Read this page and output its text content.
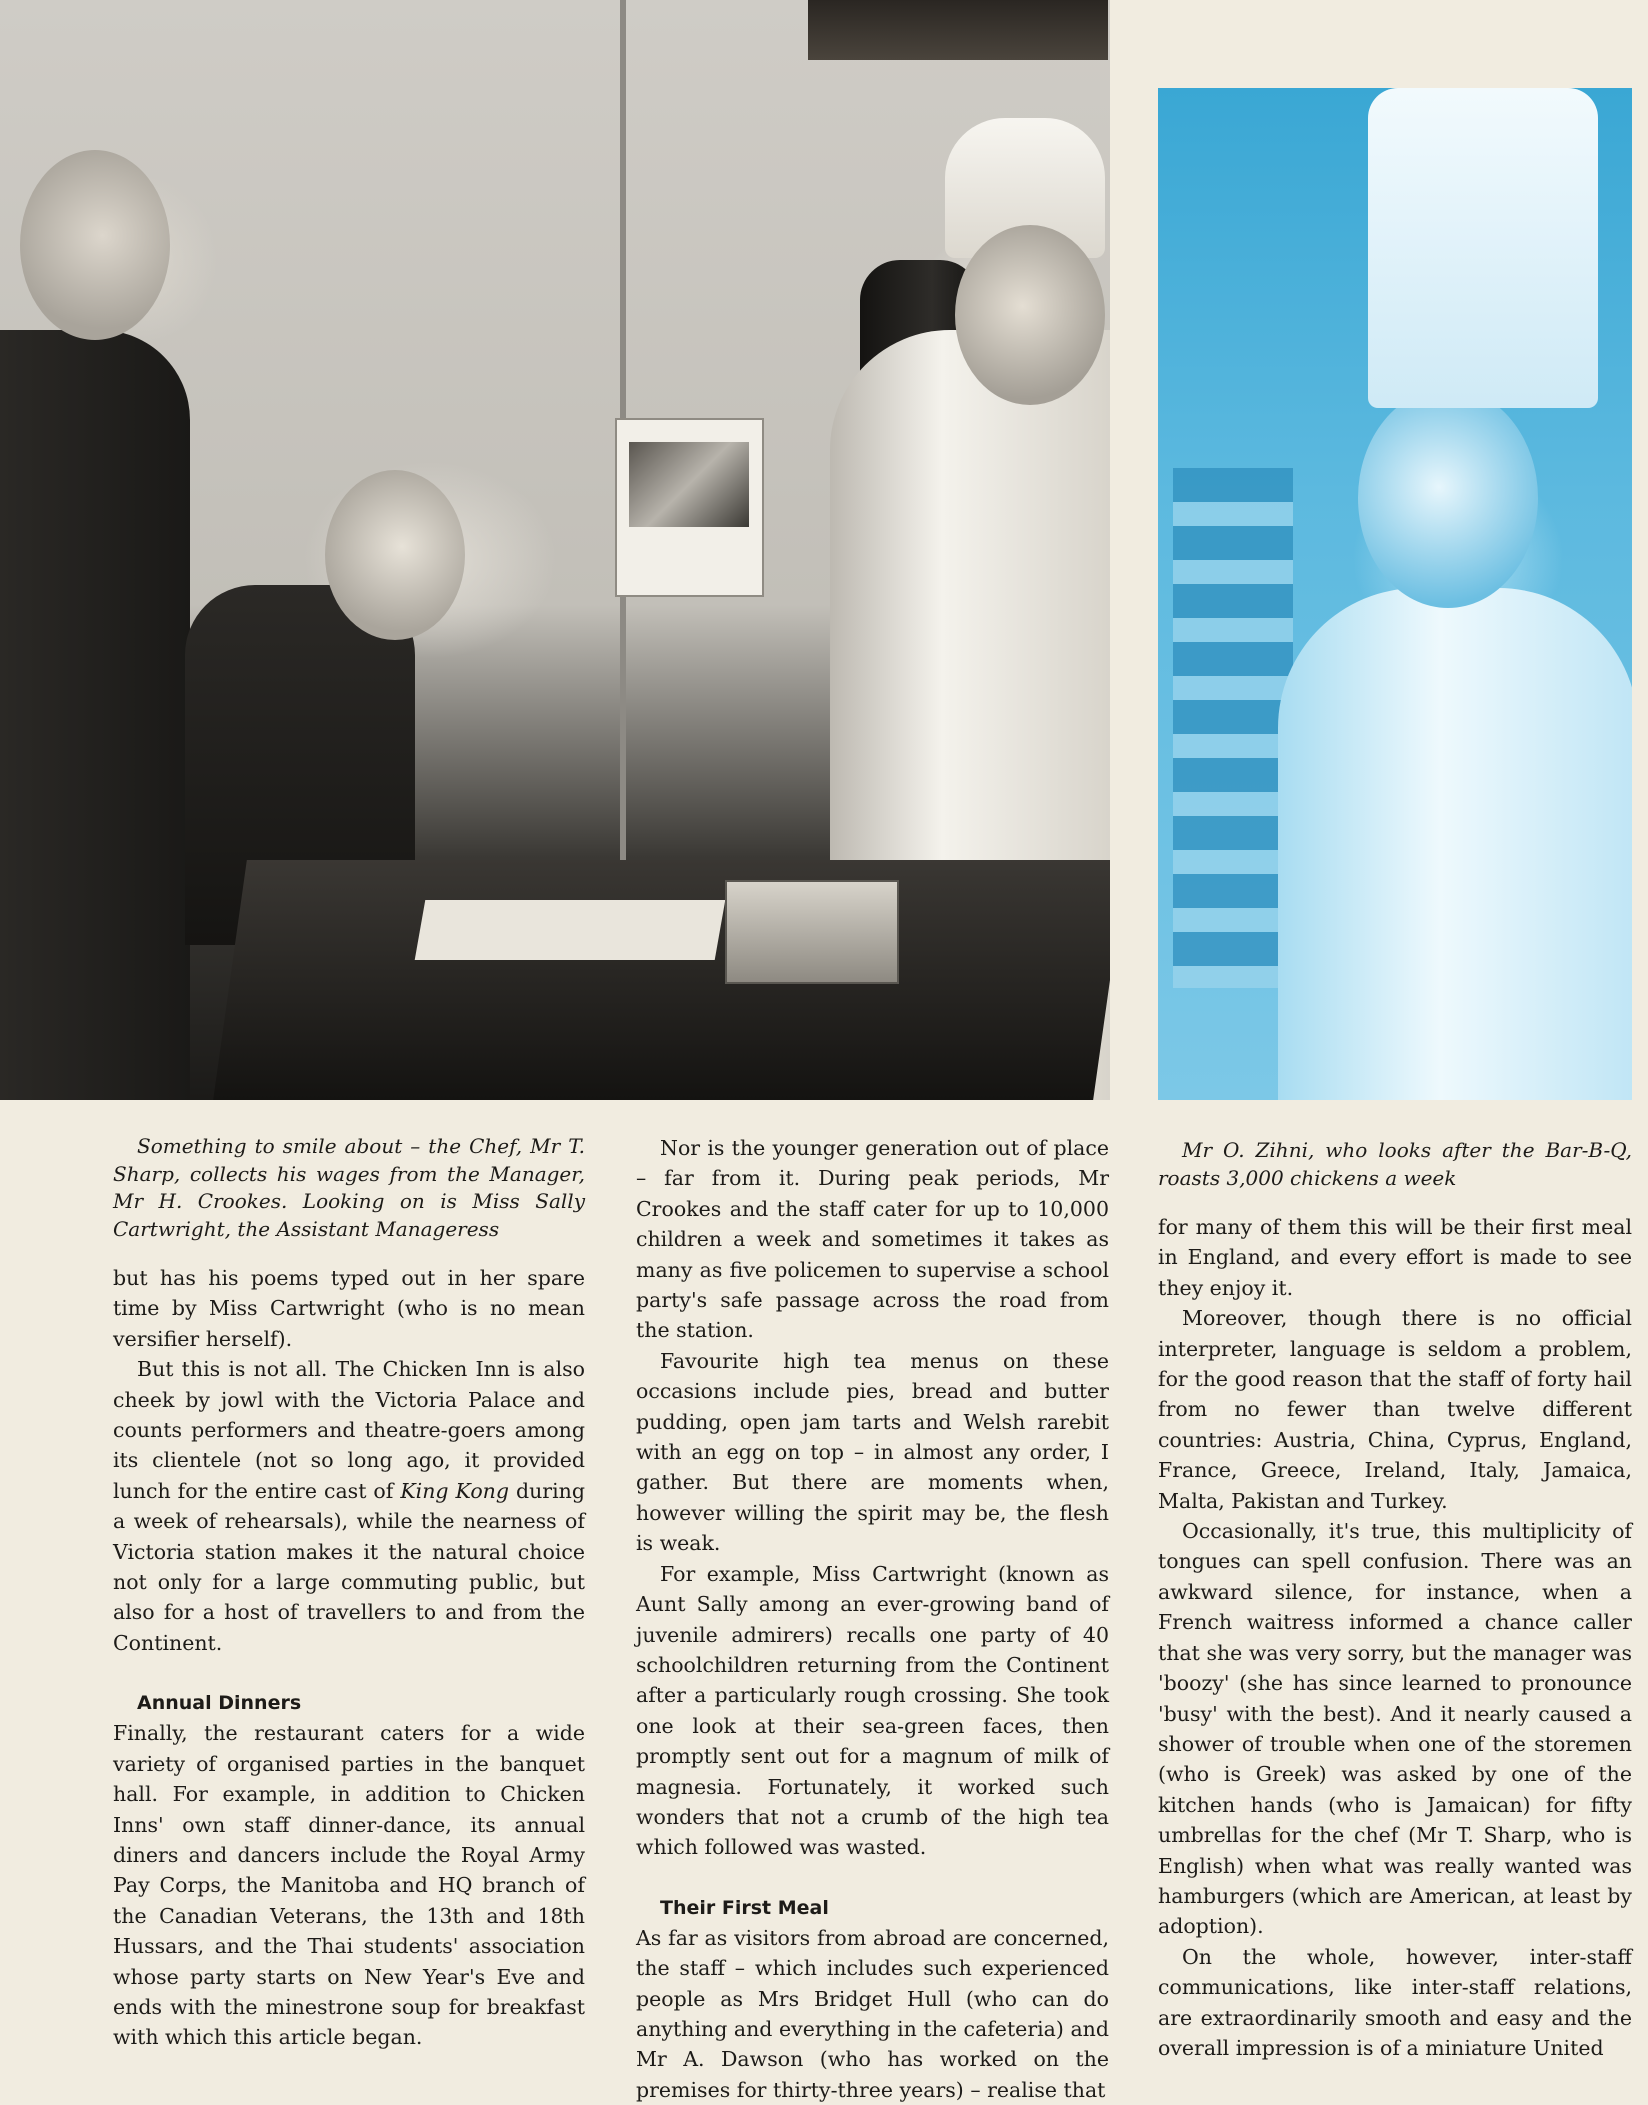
Something to smile about – the Chef, Mr T. Sharp, collects his wages from the Manager, Mr H. Crookes. Looking on is Miss Sally Cartwright, the Assistant Manageress

but has his poems typed out in her spare time by Miss Cartwright (who is no mean versifier herself).

But this is not all. The Chicken Inn is also cheek by jowl with the Victoria Palace and counts performers and theatre-goers among its clientele (not so long ago, it provided lunch for the entire cast of King Kong during a week of rehearsals), while the nearness of Victoria station makes it the natural choice not only for a large commuting public, but also for a host of travellers to and from the Continent.

Annual Dinners

Finally, the restaurant caters for a wide variety of organised parties in the banquet hall. For example, in addition to Chicken Inns' own staff dinner-dance, its annual diners and dancers include the Royal Army Pay Corps, the Manitoba and HQ branch of the Canadian Veterans, the 13th and 18th Hussars, and the Thai students' association whose party starts on New Year's Eve and ends with the minestrone soup for breakfast with which this article began.

Nor is the younger generation out of place – far from it. During peak periods, Mr Crookes and the staff cater for up to 10,000 children a week and sometimes it takes as many as five policemen to supervise a school party's safe passage across the road from the station.

Favourite high tea menus on these occasions include pies, bread and butter pudding, open jam tarts and Welsh rarebit with an egg on top – in almost any order, I gather. But there are moments when, however willing the spirit may be, the flesh is weak.

For example, Miss Cartwright (known as Aunt Sally among an ever-growing band of juvenile admirers) recalls one party of 40 schoolchildren returning from the Continent after a particularly rough crossing. She took one look at their sea-green faces, then promptly sent out for a magnum of milk of magnesia. Fortunately, it worked such wonders that not a crumb of the high tea which followed was wasted.

Their First Meal

As far as visitors from abroad are concerned, the staff – which includes such experienced people as Mrs Bridget Hull (who can do anything and everything in the cafeteria) and Mr A. Dawson (who has worked on the premises for thirty-three years) – realise that

Mr O. Zihni, who looks after the Bar-B-Q, roasts 3,000 chickens a week

for many of them this will be their first meal in England, and every effort is made to see they enjoy it.

Moreover, though there is no official interpreter, language is seldom a problem, for the good reason that the staff of forty hail from no fewer than twelve different countries: Austria, China, Cyprus, England, France, Greece, Ireland, Italy, Jamaica, Malta, Pakistan and Turkey.

Occasionally, it's true, this multiplicity of tongues can spell confusion. There was an awkward silence, for instance, when a French waitress informed a chance caller that she was very sorry, but the manager was 'boozy' (she has since learned to pronounce 'busy' with the best). And it nearly caused a shower of trouble when one of the storemen (who is Greek) was asked by one of the kitchen hands (who is Jamaican) for fifty umbrellas for the chef (Mr T. Sharp, who is English) when what was really wanted was hamburgers (which are American, at least by adoption).

On the whole, however, inter-staff communications, like inter-staff relations, are extraordinarily smooth and easy and the overall impression is of a miniature United
